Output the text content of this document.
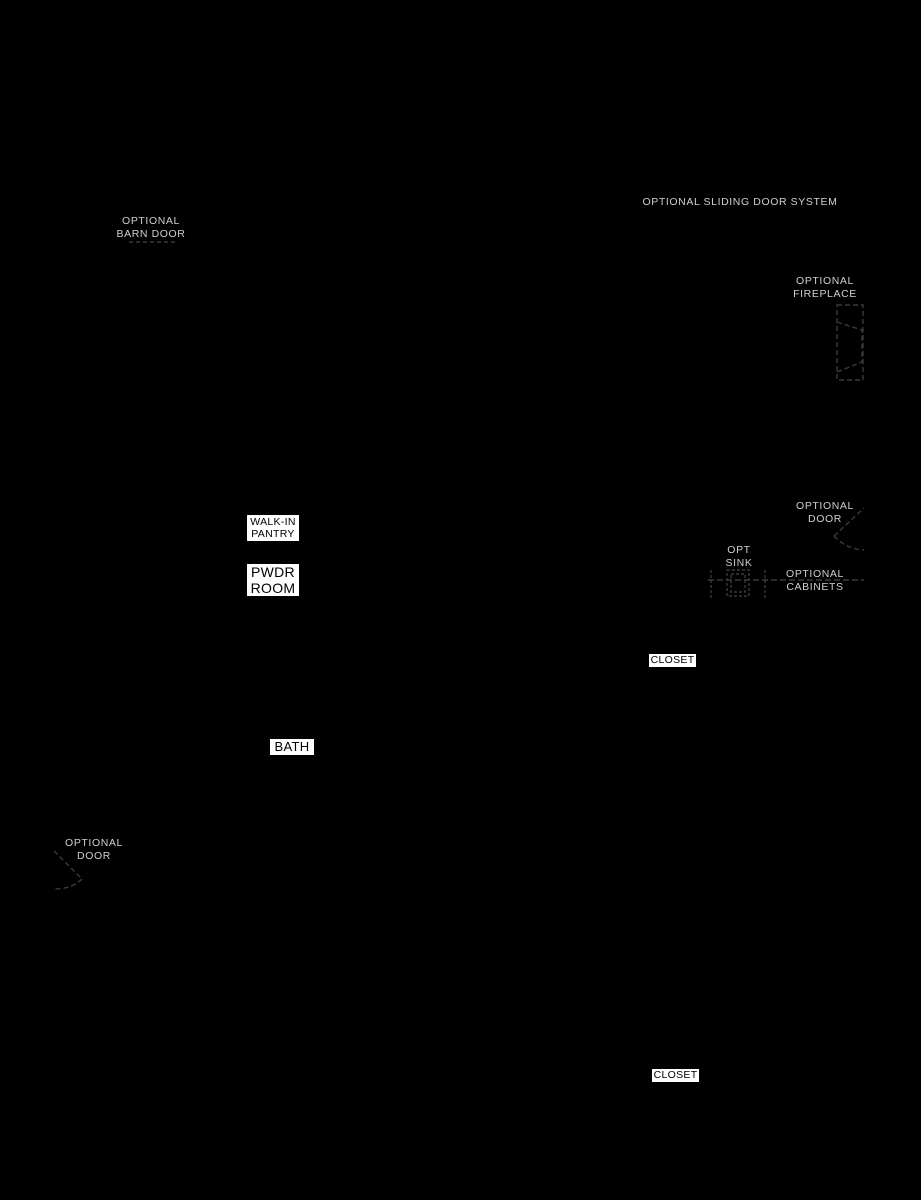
OPTIONAL
BARN DOOR
OPTIONAL SLIDING DOOR SYSTEM
OPTIONAL
FIREPLACE
OPTIONAL
DOOR
OPT
SINK
OPTIONAL
CABINETS
OPTIONAL
DOOR
WALK-IN
PANTRY
PWDR
ROOM
BATH
CLOSET
CLOSET
